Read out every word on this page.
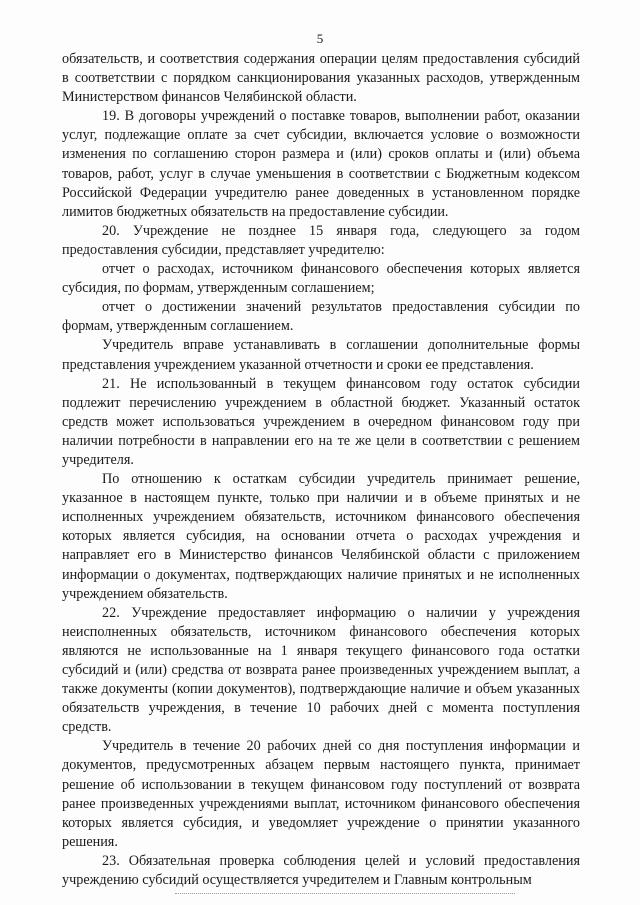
5

обязательств, и соответствия содержания операции целям предоставления субсидий в соответствии с порядком санкционирования указанных расходов, утвержденным Министерством финансов Челябинской области.

19. В договоры учреждений о поставке товаров, выполнении работ, оказании услуг, подлежащие оплате за счет субсидии, включается условие о возможности изменения по соглашению сторон размера и (или) сроков оплаты и (или) объема товаров, работ, услуг в случае уменьшения в соответствии с Бюджетным кодексом Российской Федерации учредителю ранее доведенных в установленном порядке лимитов бюджетных обязательств на предоставление субсидии.

20. Учреждение не позднее 15 января года, следующего за годом предоставления субсидии, представляет учредителю:

отчет о расходах, источником финансового обеспечения которых является субсидия, по формам, утвержденным соглашением;

отчет о достижении значений результатов предоставления субсидии по формам, утвержденным соглашением.

Учредитель вправе устанавливать в соглашении дополнительные формы представления учреждением указанной отчетности и сроки ее представления.

21. Не использованный в текущем финансовом году остаток субсидии подлежит перечислению учреждением в областной бюджет. Указанный остаток средств может использоваться учреждением в очередном финансовом году при наличии потребности в направлении его на те же цели в соответствии с решением учредителя.

По отношению к остаткам субсидии учредитель принимает решение, указанное в настоящем пункте, только при наличии и в объеме принятых и не исполненных учреждением обязательств, источником финансового обеспечения которых является субсидия, на основании отчета о расходах учреждения и направляет его в Министерство финансов Челябинской области с приложением информации о документах, подтверждающих наличие принятых и не исполненных учреждением обязательств.

22. Учреждение предоставляет информацию о наличии у учреждения неисполненных обязательств, источником финансового обеспечения которых являются не использованные на 1 января текущего финансового года остатки субсидий и (или) средства от возврата ранее произведенных учреждением выплат, а также документы (копии документов), подтверждающие наличие и объем указанных обязательств учреждения, в течение 10 рабочих дней с момента поступления средств.

Учредитель в течение 20 рабочих дней со дня поступления информации и документов, предусмотренных абзацем первым настоящего пункта, принимает решение об использовании в текущем финансовом году поступлений от возврата ранее произведенных учреждениями выплат, источником финансового обеспечения которых является субсидия, и уведомляет учреждение о принятии указанного решения.

23. Обязательная проверка соблюдения целей и условий предоставления учреждению субсидий осуществляется учредителем и Главным контрольным
